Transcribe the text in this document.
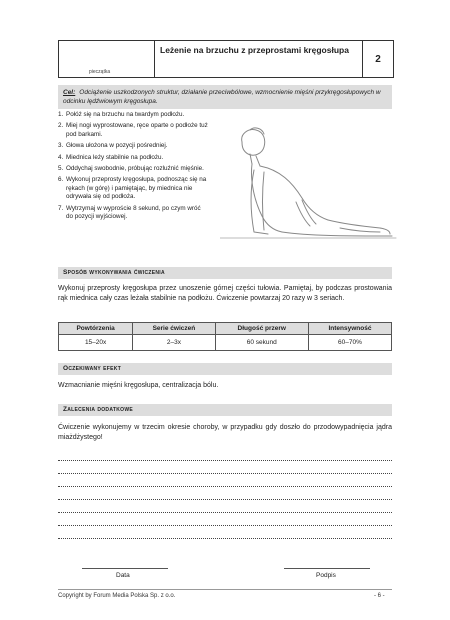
pieczątka
Leżenie na brzuchu z przeprostami kręgosłupa
2
Cel: Odciążenie uszkodzonych struktur, działanie przeciwbólowe, wzmocnienie mięśni przykręgosłupowych w odcinku lędźwiowym kręgosłupa.
1. Połóż się na brzuchu na twardym podłożu.
2. Miej nogi wyprostowane, ręce oparte o podłoże tuż pod barkami.
3. Głowa ułożona w pozycji pośredniej.
4. Miednica leży stabilnie na podłożu.
5. Oddychaj swobodnie, próbując rozluźnić mięśnie.
6. Wykonuj przeprosty kręgosłupa, podnosząc się na rękach (w górę) i pamiętając, by miednica nie odrywała się od podłoża.
7. Wytrzymaj w wyproście 8 sekund, po czym wróć do pozycji wyjściowej.
Sposób wykonywania ćwiczenia
Wykonuj przeprosty kręgosłupa przez unoszenie górnej części tułowia. Pamiętaj, by podczas prostowania rąk miednica cały czas leżała stabilnie na podłożu. Ćwiczenie powtarzaj 20 razy w 3 seriach.
Powtórzenia	Serie ćwiczeń	Długość przerw	Intensywność
15–20x	2–3x	60 sekund	60–70%
Oczekiwany efekt
Wzmacnianie mięśni kręgosłupa, centralizacja bólu.
Zalecenia dodatkowe
Ćwiczenie wykonujemy w trzecim okresie choroby, w przypadku gdy doszło do przodowypadnięcia jądra miażdżystego!
Data	Podpis
Copyright by Forum Media Polska Sp. z o.o.	- 6 -
